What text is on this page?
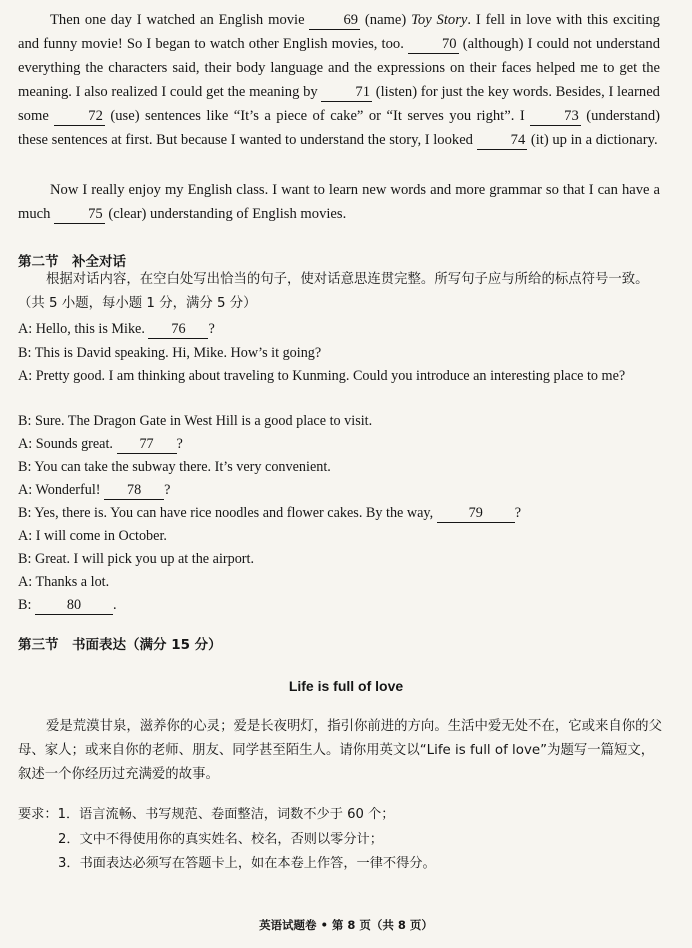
Then one day I watched an English movie	69 (name) Toy Story. I fell in love with this exciting and funny movie! So I began to watch other English movies, too.	70 (although) I could not understand everything the characters said, their body language and the expressions on their faces helped me to get the meaning. I also realized I could get the meaning by	71 (listen) for just the key words. Besides, I learned some	72 (use) sentences like “It’s a piece of cake” or “It serves you right”. I	73 (understand) these sentences at first. But because I wanted to understand the story, I looked	74 (it) up in a dictionary.
Now I really enjoy my English class. I want to learn new words and more grammar so that I can have a much	75 (clear) understanding of English movies.
第二节　补全对话
根据对话内容，在空白处写出恰当的句子，使对话意思连贯完整。所写句子应与所给的标点符号一致。（共 5 小题，每小题 1 分，满分 5 分）
A: Hello, this is Mike. 76 ?
B: This is David speaking. Hi, Mike. How’s it going?
A: Pretty good. I am thinking about traveling to Kunming. Could you introduce an interesting place to me?
B: Sure. The Dragon Gate in West Hill is a good place to visit.
A: Sounds great. 77 ?
B: You can take the subway there. It’s very convenient.
A: Wonderful! 78 ?
B: Yes, there is. You can have rice noodles and flower cakes. By the way, 79 ?
A: I will come in October.
B: Great. I will pick you up at the airport.
A: Thanks a lot.
B: 80 .
第三节　书面表达（满分 15 分）
Life is full of love
爱是荒漠甘泉，滋养你的心灵；爱是长夜明灯，指引你前进的方向。生活中爱无处不在，它或来自你的父母、家人；或来自你的老师、朋友、同学甚至陌生人。请你用英文以“Life is full of love”为题写一篇短文，叙述一个你经历过充满爱的故事。
要求：1．语言流畅、书写规范、卷面整洁，词数不少于 60 个；
2．文中不得使用你的真实姓名、校名，否则以零分计；
3．书面表达必须写在答题卡上，如在本卷上作答，一律不得分。
英语试题卷 • 第 8 页（共 8 页）
